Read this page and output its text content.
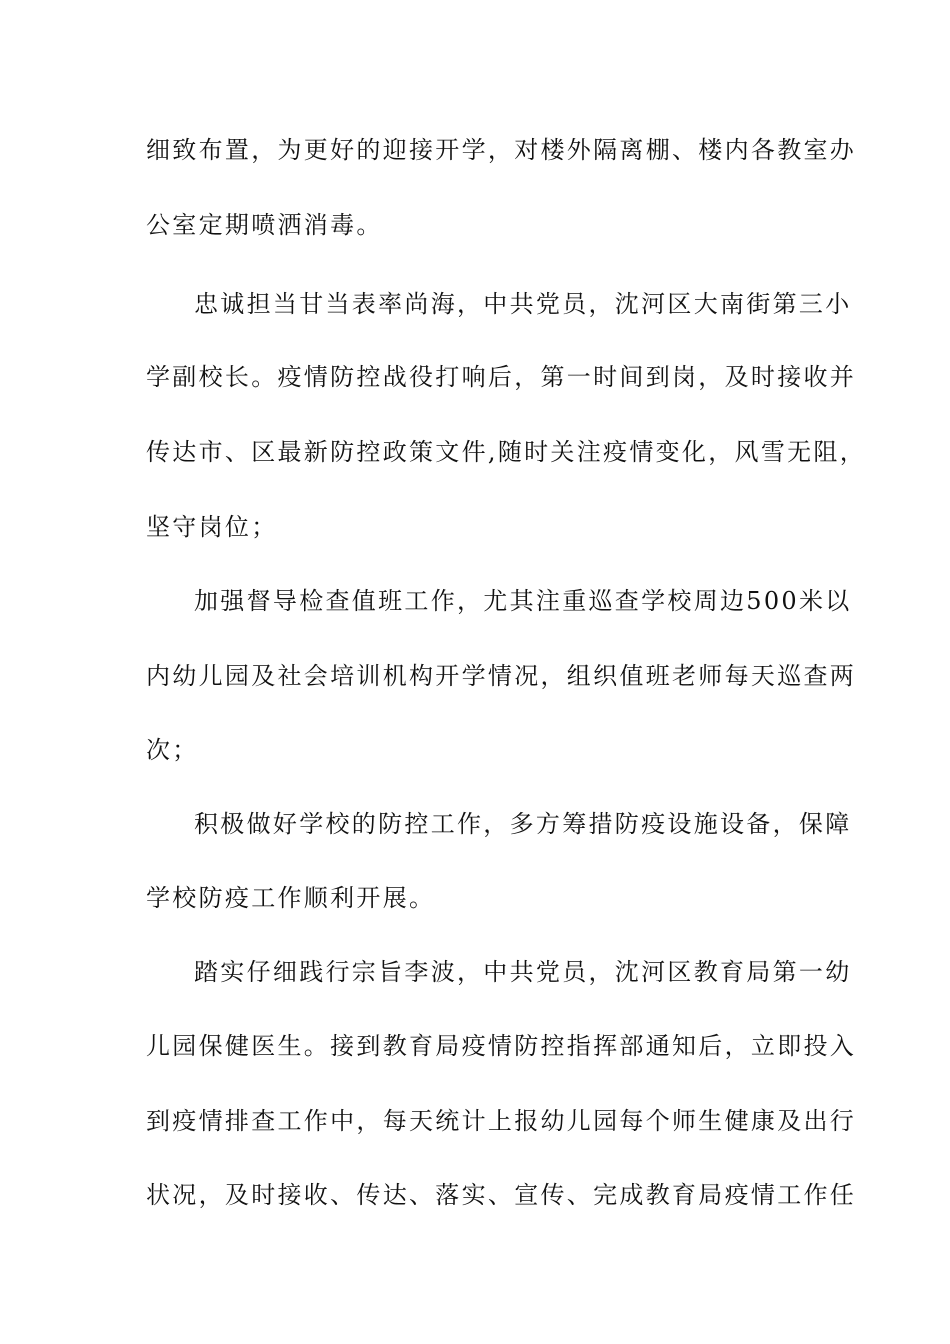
细致布置，为更好的迎接开学，对楼外隔离棚、楼内各教室办
公室定期喷洒消毒。
忠诚担当甘当表率尚海，中共党员，沈河区大南街第三小
学副校长。疫情防控战役打响后，第一时间到岗，及时接收并
传达市、区最新防控政策文件,随时关注疫情变化，风雪无阻，
坚守岗位；
加强督导检查值班工作，尤其注重巡查学校周边500米以
内幼儿园及社会培训机构开学情况，组织值班老师每天巡查两
次；
积极做好学校的防控工作，多方筹措防疫设施设备，保障
学校防疫工作顺利开展。
踏实仔细践行宗旨李波，中共党员，沈河区教育局第一幼
儿园保健医生。接到教育局疫情防控指挥部通知后，立即投入
到疫情排查工作中，每天统计上报幼儿园每个师生健康及出行
状况，及时接收、传达、落实、宣传、完成教育局疫情工作任
